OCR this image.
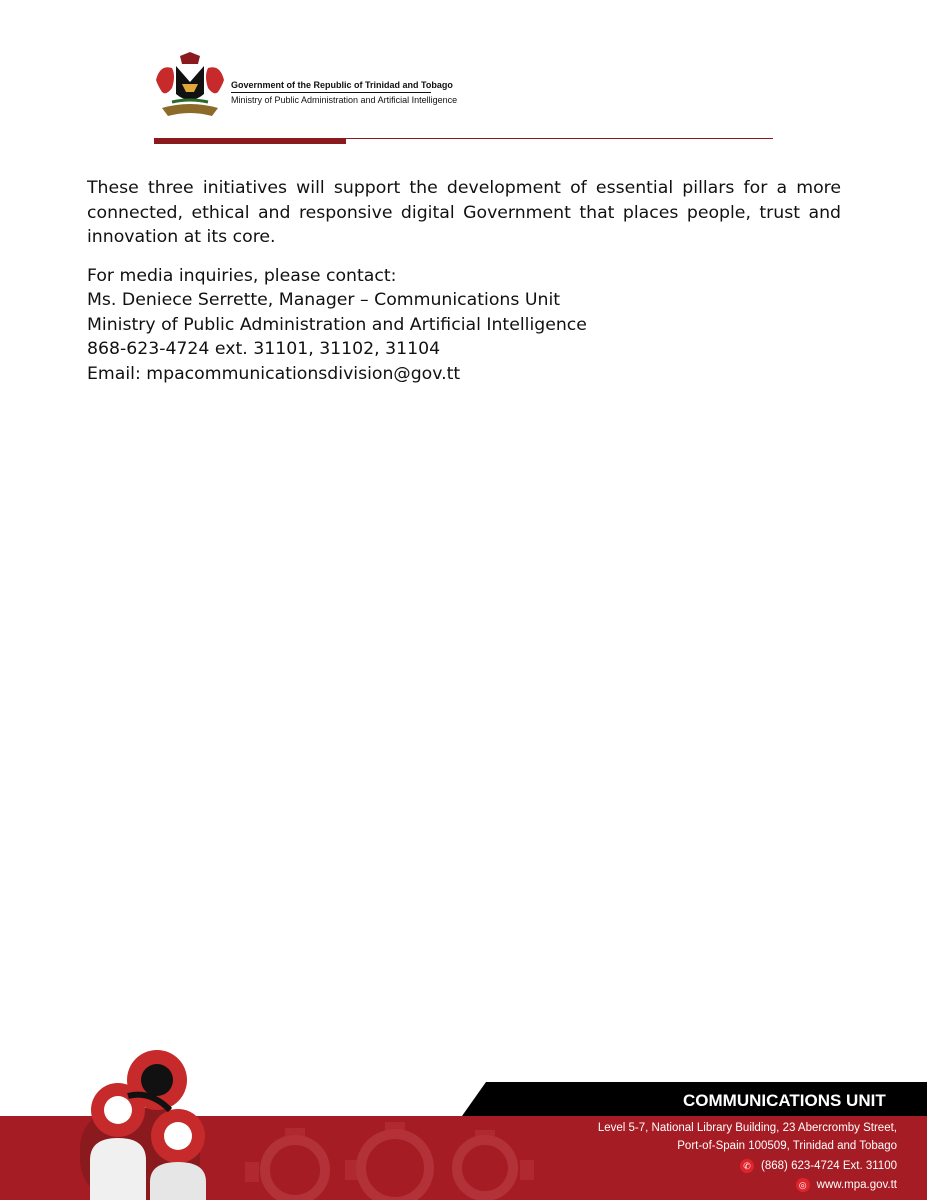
Government of the Republic of Trinidad and Tobago
Ministry of Public Administration and Artificial Intelligence

These three initiatives will support the development of essential pillars for a more connected, ethical and responsive digital Government that places people, trust and innovation at its core.

For media inquiries, please contact:

Ms. Deniece Serrette, Manager – Communications Unit

Ministry of Public Administration and Artificial Intelligence

868-623-4724 ext. 31101, 31102, 31104

Email: mpacommunicationsdivision@gov.tt

COMMUNICATIONS UNIT
Level 5-7, National Library Building, 23 Abercromby Street,
Port-of-Spain 100509, Trinidad and Tobago
✆ (868) 623-4724 Ext. 31100
◎ www.mpa.gov.tt
